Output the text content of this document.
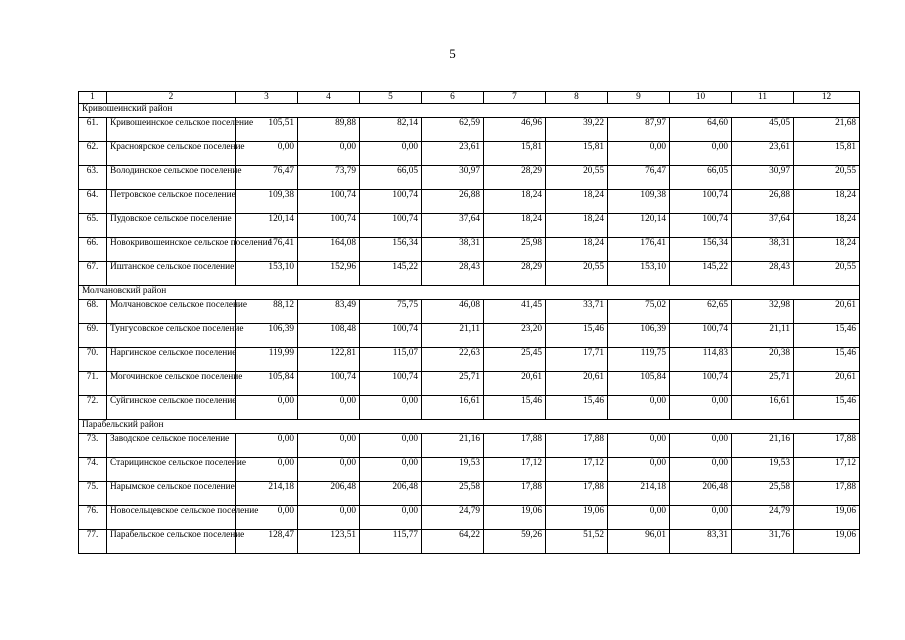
5
1	2	3	4	5	6	7	8	9	10	11	12
Кривошеинский район											
61.	Кривошеинское сельское поселение	105,51	89,88	82,14	62,59	46,96	39,22	87,97	64,60	45,05	21,68
62.	Красноярское сельское поселение	0,00	0,00	0,00	23,61	15,81	15,81	0,00	0,00	23,61	15,81
63.	Володинское сельское поселение	76,47	73,79	66,05	30,97	28,29	20,55	76,47	66,05	30,97	20,55
64.	Петровское сельское поселение	109,38	100,74	100,74	26,88	18,24	18,24	109,38	100,74	26,88	18,24
65.	Пудовское сельское поселение	120,14	100,74	100,74	37,64	18,24	18,24	120,14	100,74	37,64	18,24
66.	Новокривошеинское сельское поселение	176,41	164,08	156,34	38,31	25,98	18,24	176,41	156,34	38,31	18,24
67.	Иштанское сельское поселение	153,10	152,96	145,22	28,43	28,29	20,55	153,10	145,22	28,43	20,55
Молчановский район											
68.	Молчановское сельское поселение	88,12	83,49	75,75	46,08	41,45	33,71	75,02	62,65	32,98	20,61
69.	Тунгусовское сельское поселение	106,39	108,48	100,74	21,11	23,20	15,46	106,39	100,74	21,11	15,46
70.	Наргинское сельское поселение	119,99	122,81	115,07	22,63	25,45	17,71	119,75	114,83	20,38	15,46
71.	Могочинское сельское поселение	105,84	100,74	100,74	25,71	20,61	20,61	105,84	100,74	25,71	20,61
72.	Суйгинское сельское поселение	0,00	0,00	0,00	16,61	15,46	15,46	0,00	0,00	16,61	15,46
Парабельский район											
73.	Заводское сельское поселение	0,00	0,00	0,00	21,16	17,88	17,88	0,00	0,00	21,16	17,88
74.	Старицинское сельское поселение	0,00	0,00	0,00	19,53	17,12	17,12	0,00	0,00	19,53	17,12
75.	Нарымское сельское поселение	214,18	206,48	206,48	25,58	17,88	17,88	214,18	206,48	25,58	17,88
76.	Новосельцевское сельское поселение	0,00	0,00	0,00	24,79	19,06	19,06	0,00	0,00	24,79	19,06
77.	Парабельское сельское поселение	128,47	123,51	115,77	64,22	59,26	51,52	96,01	83,31	31,76	19,06
